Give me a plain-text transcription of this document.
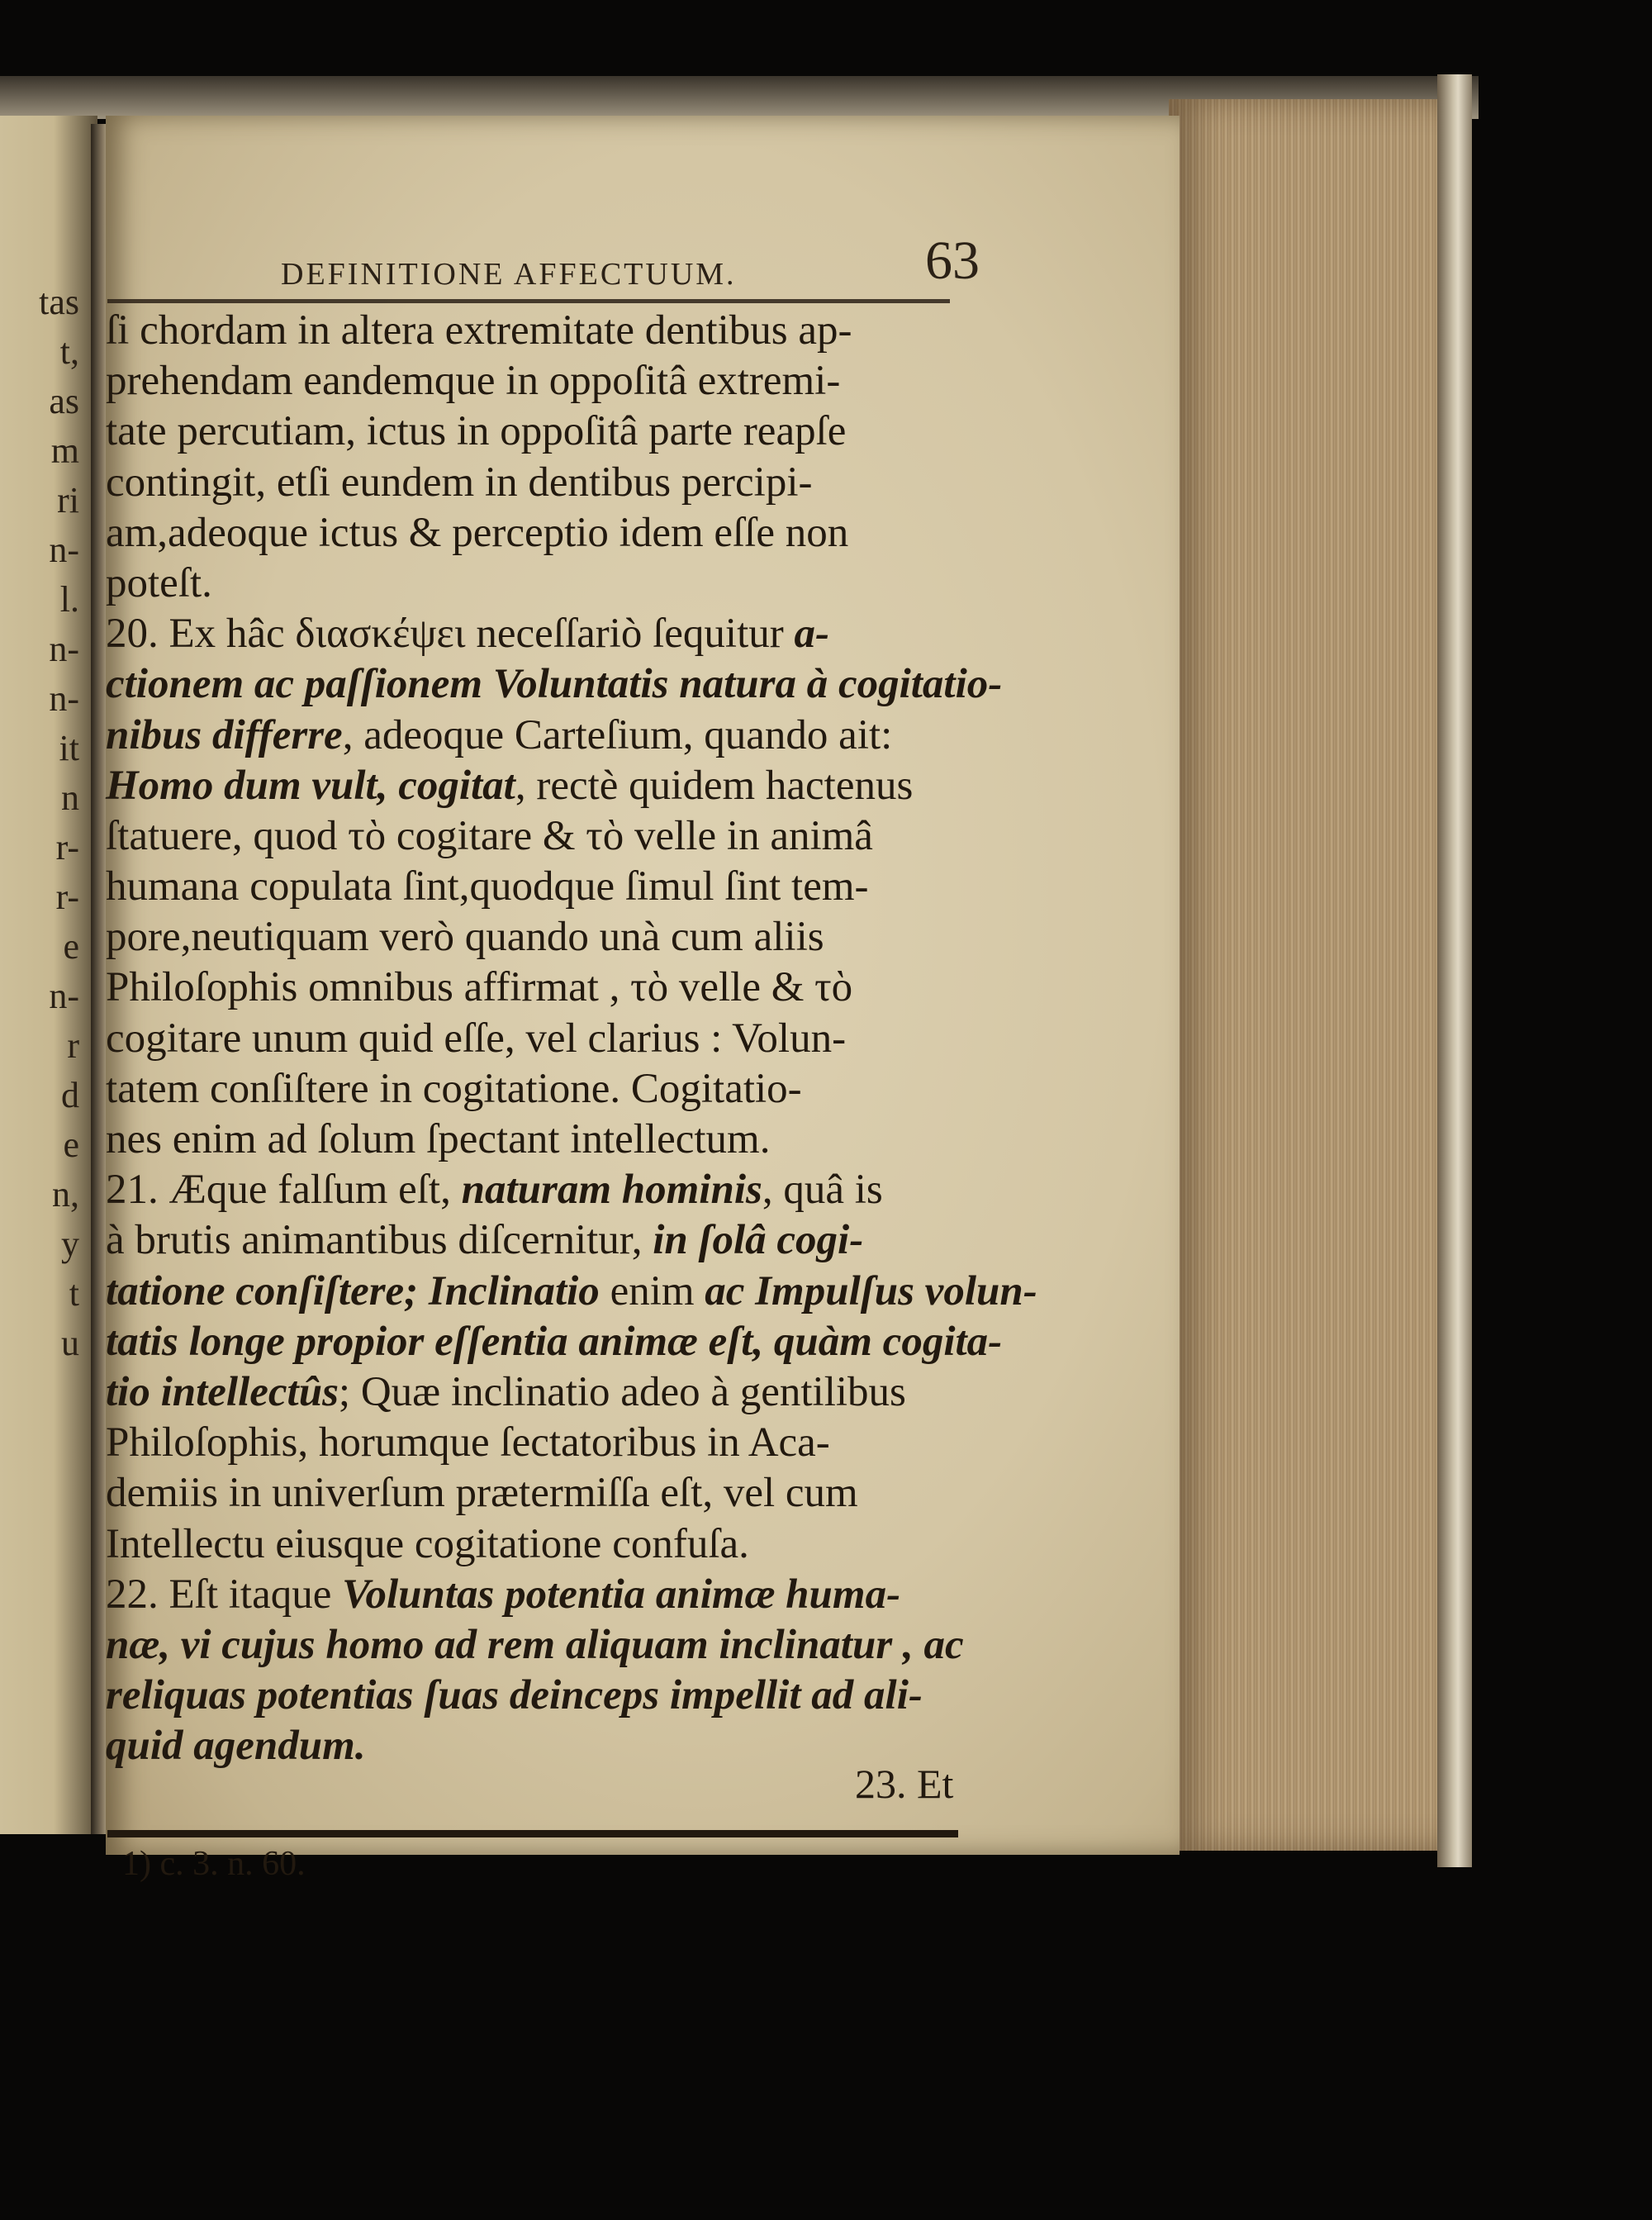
tas
t,
as
m
ri
n-
l.
n-
n-
it
n
r-
r-
e
n-
r
d
e
n,
y
t
u
DEFINITIONE AFFECTUUM.	63
ſi chordam in altera extremitate dentibus ap-
prehendam eandemque in oppoſitâ extremi-
tate percutiam, ictus in oppoſitâ parte reapſe
contingit, etſi eundem in dentibus percipi-
am,adeoque ictus & perceptio idem eſſe non
poteſt.
20. Ex hâc διασκέψει neceſſariò ſequitur a-
ctionem ac paſſionem Voluntatis natura à cogitatio-
nibus differre, adeoque Carteſium, quando ait:
Homo dum vult, cogitat, rectè quidem hactenus
ſtatuere, quod τὸ cogitare & τὸ velle in animâ
humana copulata ſint,quodque ſimul ſint tem-
pore,neutiquam verò quando unà cum aliis
Philoſophis omnibus affirmat , τὸ velle & τὸ
cogitare unum quid eſſe, vel clarius : Volun-
tatem conſiſtere in cogitatione. Cogitatio-
nes enim ad ſolum ſpectant intellectum.
21. Æque falſum eſt, naturam hominis, quâ is
à brutis animantibus diſcernitur, in ſolâ cogi-
tatione conſiſtere; Inclinatio enim ac Impulſus volun-
tatis longe propior eſſentia animæ eſt, quàm cogita-
tio intellectûs; Quæ inclinatio adeo à gentilibus
Philoſophis, horumque ſectatoribus in Aca-
demiis in univerſum prætermiſſa eſt, vel cum
Intellectu eiusque cogitatione confuſa.
22. Eſt itaque Voluntas potentia animæ huma-
næ, vi cujus homo ad rem aliquam inclinatur , ac
reliquas potentias ſuas deinceps impellit ad ali-
quid agendum.
23. Et
1) c. 3. n. 60.
